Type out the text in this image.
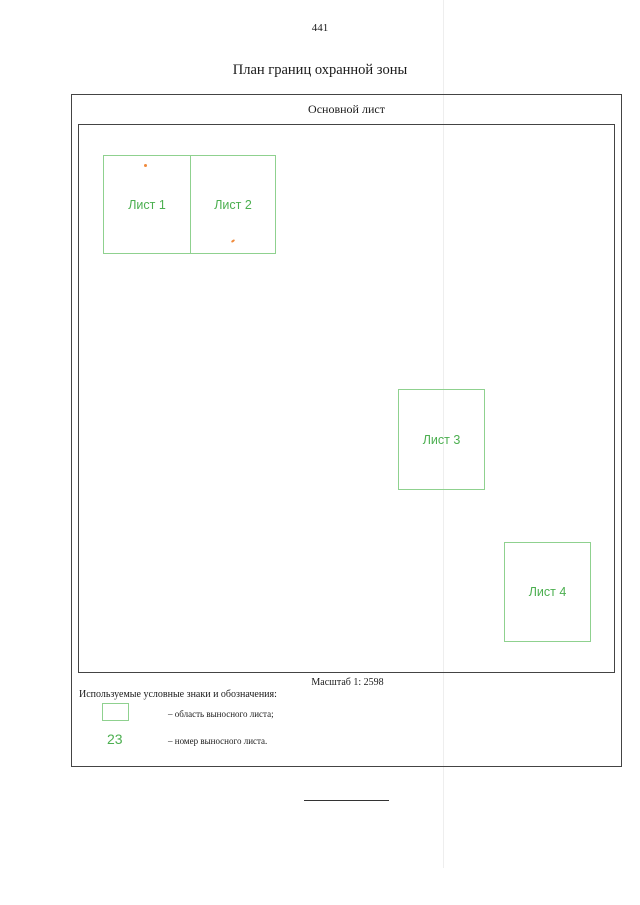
441
План границ охранной зоны
Основной лист
Лист 1	Лист 2
Лист 3
Лист 4
Масштаб 1: 2598
Используемые условные знаки и обозначения:
– область выносного листа;
23	– номер выносного листа.
